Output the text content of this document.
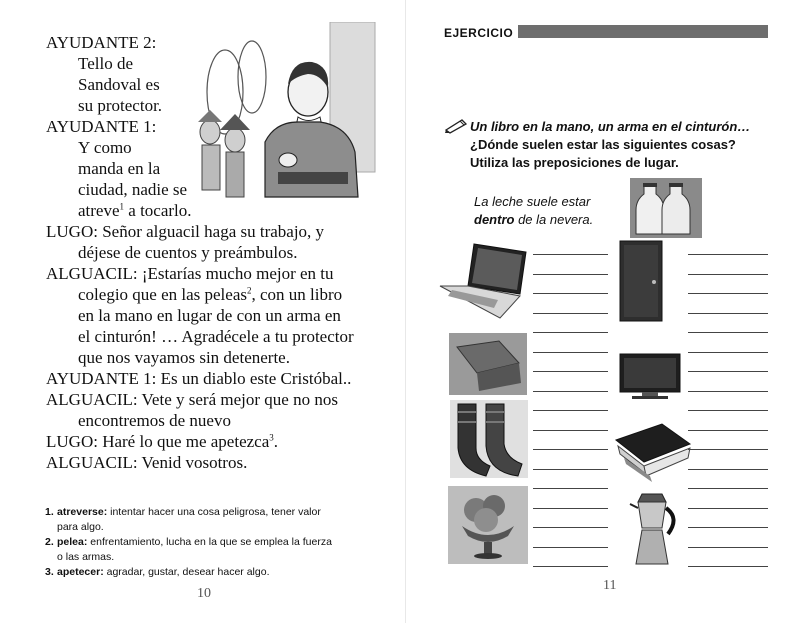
AYUDANTE 2:
Tello de
Sandoval es
su protector.
AYUDANTE 1:
Y como
manda en la
ciudad, nadie se
atreve$^1$ a tocarlo.
LUGO: Señor alguacil haga su trabajo, y
déjese de cuentos y preámbulos.
ALGUACIL: ¡Estarías mucho mejor en tu
colegio que en las peleas$^2$, con un libro
en la mano en lugar de con un arma en
el cinturón! … Agradécele a tu protector
que nos vayamos sin detenerte.
AYUDANTE 1: Es un diablo este Cristóbal..
ALGUACIL: Vete y será mejor que no nos
encontremos de nuevo
LUGO: Haré lo que me apetezca$^3$.
ALGUACIL: Venid vosotros.
1. atreverse: intentar hacer una cosa peligrosa, tener valor
para algo.
2. pelea: enfrentamiento, lucha en la que se emplea la fuerza
o las armas.
3. apetecer: agradar, gustar, desear hacer algo.
10
EJERCICIO
Un libro en la mano, un arma en el cinturón…
¿Dónde suelen estar las siguientes cosas?
Utiliza las preposiciones de lugar.
La leche suele estar
dentro de la nevera.
11
